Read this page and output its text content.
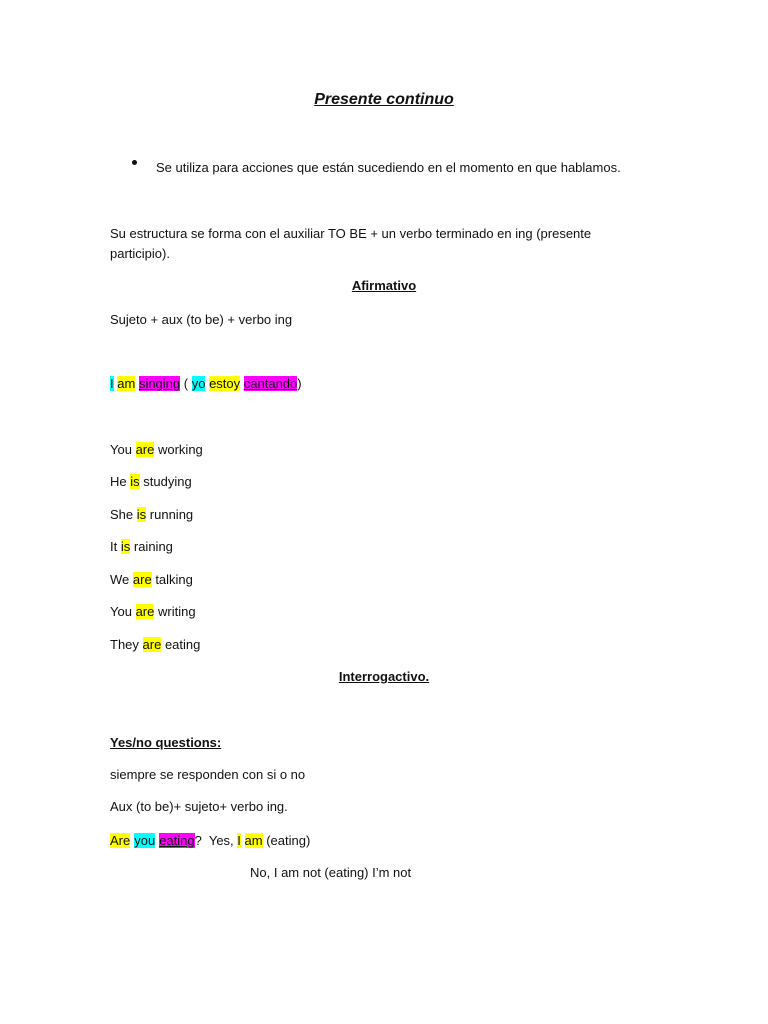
Presente continuo
Se utiliza para acciones que están sucediendo en el momento en que hablamos.
Su estructura se forma con el auxiliar TO BE + un verbo terminado en ing (presente
participio).
Afirmativo
Sujeto + aux (to be) + verbo ing
I am singing ( yo estoy cantando)
You are working
He is studying
She is running
It is raining
We are talking
You are writing
They are eating
Interrogactivo.
Yes/no questions:
siempre se responden con si o no
Aux (to be)+ sujeto+ verbo ing.
Are you eating?  Yes, I am (eating)
No, I am not (eating) I’m not
